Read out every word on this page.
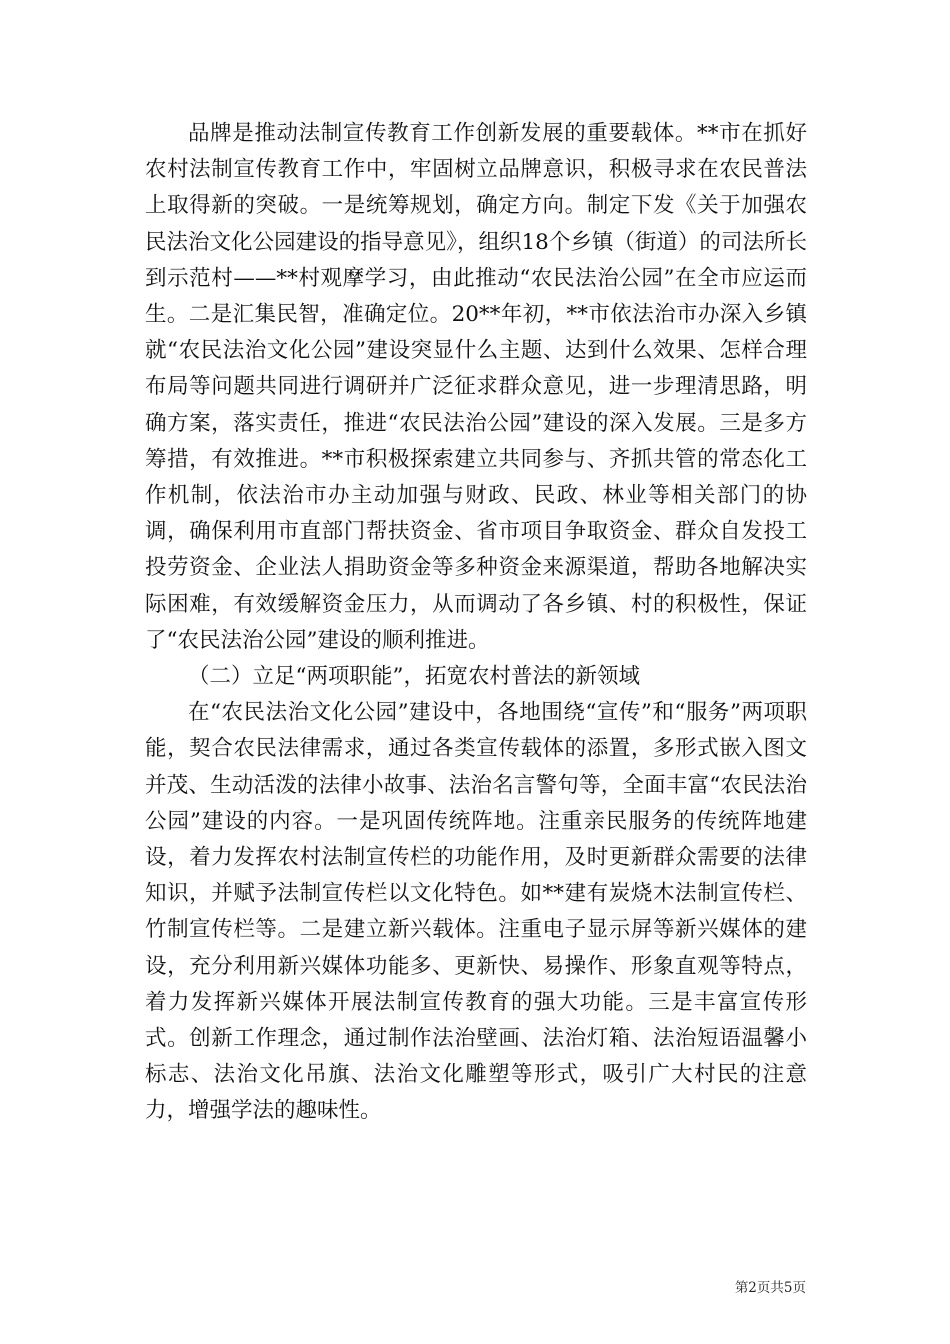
品牌是推动法制宣传教育工作创新发展的重要载体。**市在抓好农村法制宣传教育工作中，牢固树立品牌意识，积极寻求在农民普法上取得新的突破。一是统筹规划，确定方向。制定下发《关于加强农民法治文化公园建设的指导意见》，组织18个乡镇（街道）的司法所长到示范村——**村观摩学习，由此推动“农民法治公园”在全市应运而生。二是汇集民智，准确定位。20**年初，**市依法治市办深入乡镇就“农民法治文化公园”建设突显什么主题、达到什么效果、怎样合理布局等问题共同进行调研并广泛征求群众意见，进一步理清思路，明确方案，落实责任，推进“农民法治公园”建设的深入发展。三是多方筹措，有效推进。**市积极探索建立共同参与、齐抓共管的常态化工作机制，依法治市办主动加强与财政、民政、林业等相关部门的协调，确保利用市直部门帮扶资金、省市项目争取资金、群众自发投工投劳资金、企业法人捐助资金等多种资金来源渠道，帮助各地解决实际困难，有效缓解资金压力，从而调动了各乡镇、村的积极性，保证了“农民法治公园”建设的顺利推进。

（二）立足“两项职能”，拓宽农村普法的新领域

在“农民法治文化公园”建设中，各地围绕“宣传”和“服务”两项职能，契合农民法律需求，通过各类宣传载体的添置，多形式嵌入图文并茂、生动活泼的法律小故事、法治名言警句等，全面丰富“农民法治公园”建设的内容。一是巩固传统阵地。注重亲民服务的传统阵地建设，着力发挥农村法制宣传栏的功能作用，及时更新群众需要的法律知识，并赋予法制宣传栏以文化特色。如**建有炭烧木法制宣传栏、竹制宣传栏等。二是建立新兴载体。注重电子显示屏等新兴媒体的建设，充分利用新兴媒体功能多、更新快、易操作、形象直观等特点，着力发挥新兴媒体开展法制宣传教育的强大功能。三是丰富宣传形式。创新工作理念，通过制作法治壁画、法治灯箱、法治短语温馨小标志、法治文化吊旗、法治文化雕塑等形式，吸引广大村民的注意力，增强学法的趣味性。

第2页共5页
